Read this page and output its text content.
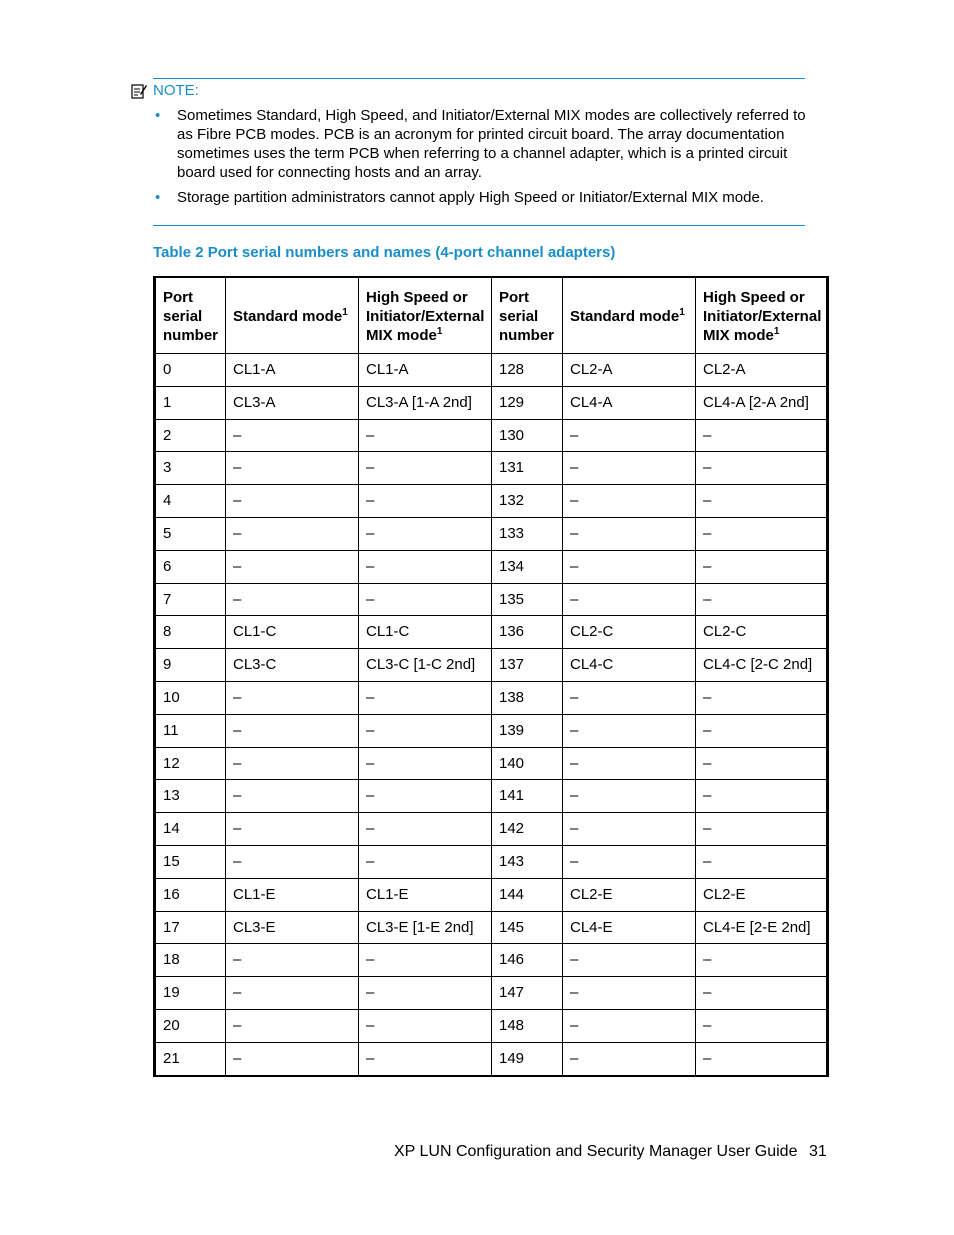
NOTE:
• Sometimes Standard, High Speed, and Initiator/External MIX modes are collectively referred to as Fibre PCB modes. PCB is an acronym for printed circuit board. The array documentation sometimes uses the term PCB when referring to a channel adapter, which is a printed circuit board used for connecting hosts and an array.
• Storage partition administrators cannot apply High Speed or Initiator/External MIX mode.
Table 2 Port serial numbers and names (4-port channel adapters)
Port serial number	Standard mode$^1$	High Speed or Initiator/External MIX mode$^1$	Port serial number	Standard mode$^1$	High Speed or Initiator/External MIX mode$^1$
0	CL1-A	CL1-A	128	CL2-A	CL2-A
1	CL3-A	CL3-A [1-A 2nd]	129	CL4-A	CL4-A [2-A 2nd]
2	–	–	130	–	–
3	–	–	131	–	–
4	–	–	132	–	–
5	–	–	133	–	–
6	–	–	134	–	–
7	–	–	135	–	–
8	CL1-C	CL1-C	136	CL2-C	CL2-C
9	CL3-C	CL3-C [1-C 2nd]	137	CL4-C	CL4-C [2-C 2nd]
10	–	–	138	–	–
11	–	–	139	–	–
12	–	–	140	–	–
13	–	–	141	–	–
14	–	–	142	–	–
15	–	–	143	–	–
16	CL1-E	CL1-E	144	CL2-E	CL2-E
17	CL3-E	CL3-E [1-E 2nd]	145	CL4-E	CL4-E [2-E 2nd]
18	–	–	146	–	–
19	–	–	147	–	–
20	–	–	148	–	–
21	–	–	149	–	–
XP LUN Configuration and Security Manager User Guide 31
